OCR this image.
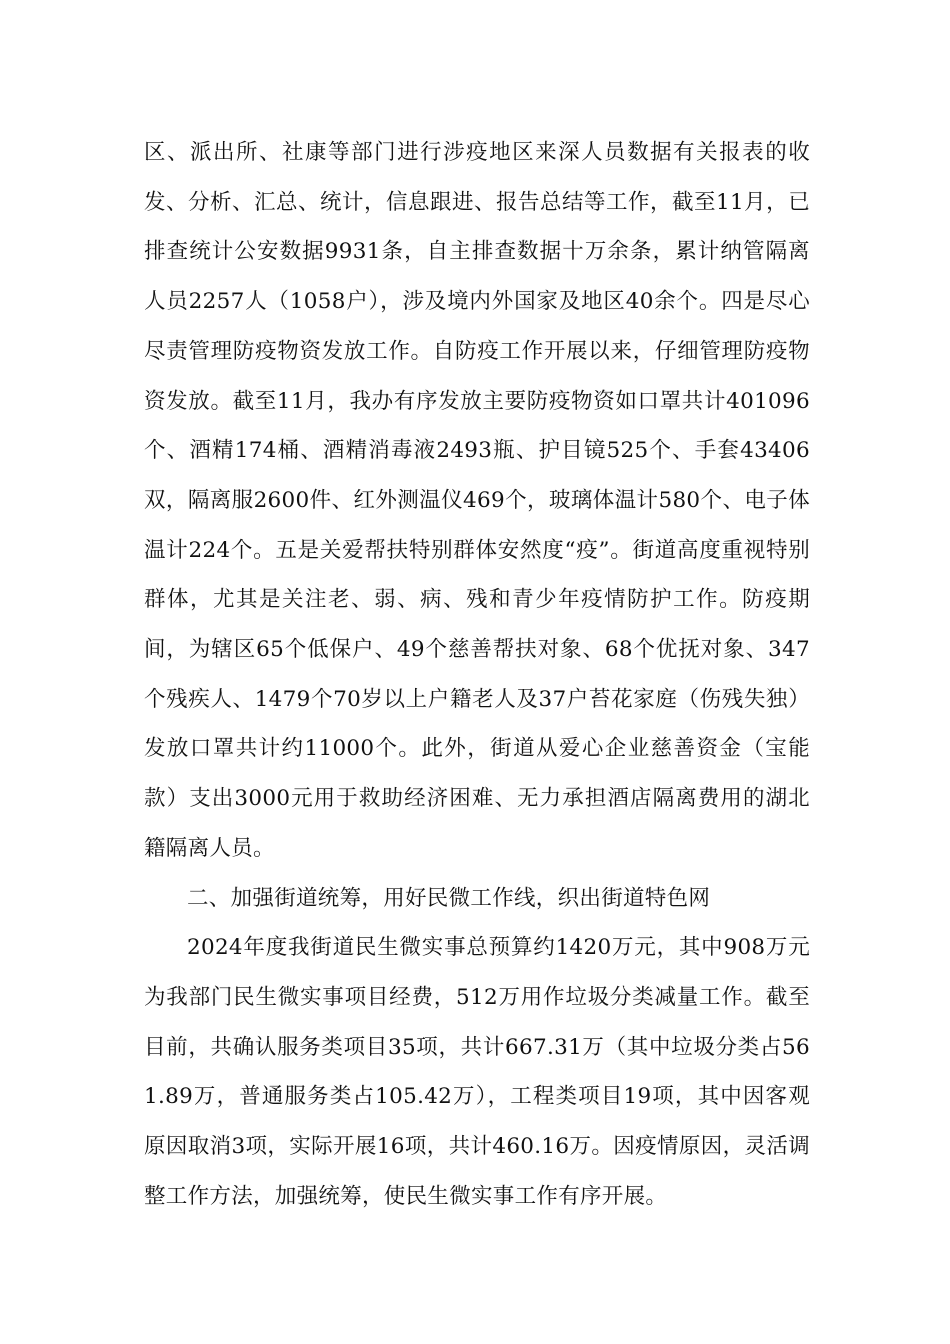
区、派出所、社康等部门进行涉疫地区来深人员数据有关报表的收发、分析、汇总、统计，信息跟进、报告总结等工作，截至11月，已排查统计公安数据9931条，自主排查数据十万余条，累计纳管隔离人员2257人（1058户），涉及境内外国家及地区40余个。四是尽心尽责管理防疫物资发放工作。自防疫工作开展以来，仔细管理防疫物资发放。截至11月，我办有序发放主要防疫物资如口罩共计401096个、酒精174桶、酒精消毒液2493瓶、护目镜525个、手套43406双，隔离服2600件、红外测温仪469个，玻璃体温计580个、电子体温计224个。五是关爱帮扶特别群体安然度“疫”。街道高度重视特别群体，尤其是关注老、弱、病、残和青少年疫情防护工作。防疫期间，为辖区65个低保户、49个慈善帮扶对象、68个优抚对象、347个残疾人、1479个70岁以上户籍老人及37户苔花家庭（伤残失独）发放口罩共计约11000个。此外，街道从爱心企业慈善资金（宝能款）支出3000元用于救助经济困难、无力承担酒店隔离费用的湖北籍隔离人员。

二、加强街道统筹，用好民微工作线，织出街道特色网

2024年度我街道民生微实事总预算约1420万元，其中908万元为我部门民生微实事项目经费，512万用作垃圾分类减量工作。截至目前，共确认服务类项目35项，共计667.31万（其中垃圾分类占561.89万，普通服务类占105.42万），工程类项目19项，其中因客观原因取消3项，实际开展16项，共计460.16万。因疫情原因，灵活调整工作方法，加强统筹，使民生微实事工作有序开展。
